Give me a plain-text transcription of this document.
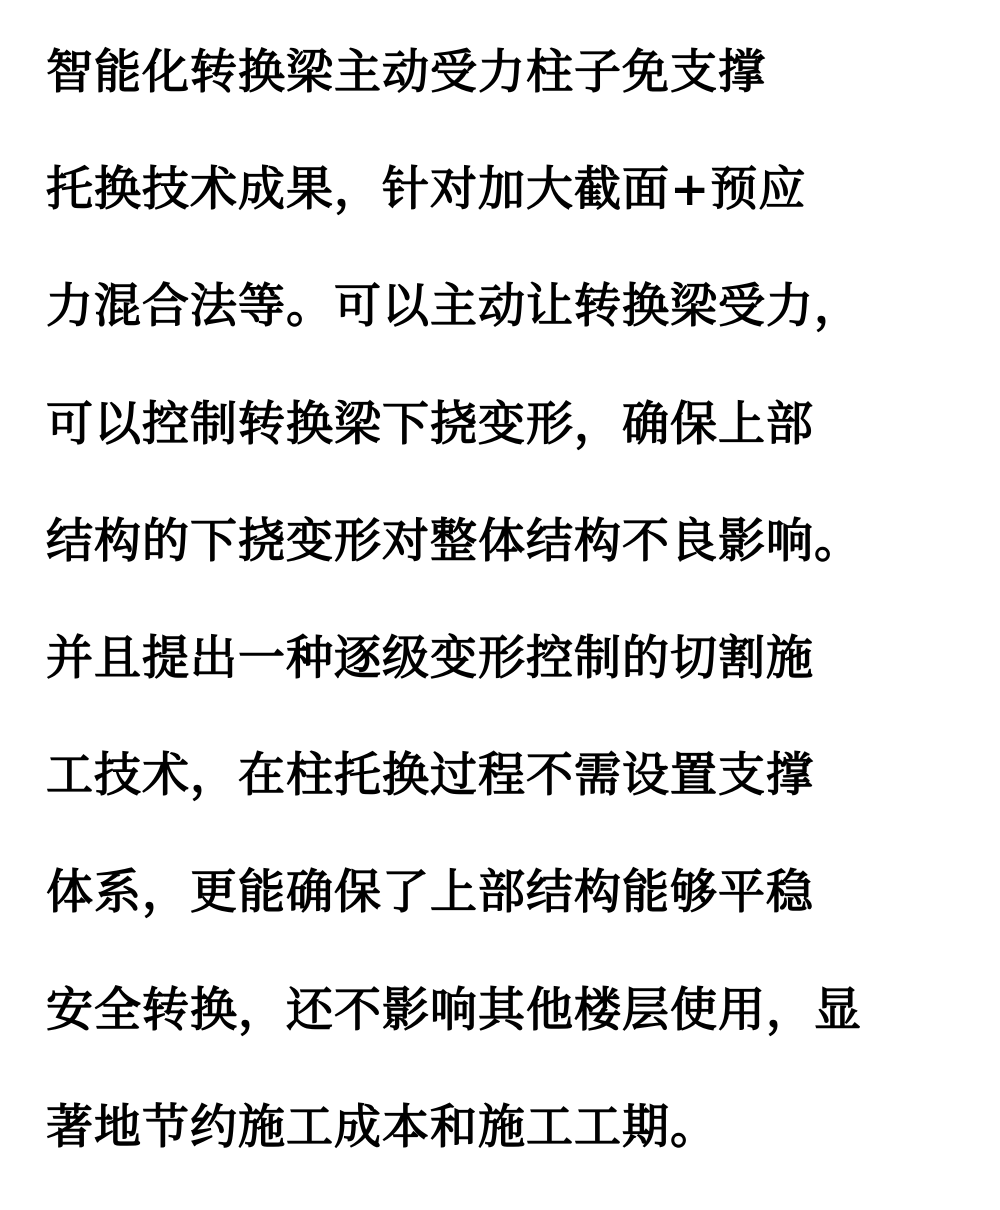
智能化转换梁主动受力柱子免支撑
托换技术成果，针对加大截面+预应
力混合法等。可以主动让转换梁受力，
可以控制转换梁下挠变形，确保上部
结构的下挠变形对整体结构不良影响。
并且提出一种逐级变形控制的切割施
工技术，在柱托换过程不需设置支撑
体系，更能确保了上部结构能够平稳
安全转换，还不影响其他楼层使用，显
著地节约施工成本和施工工期。
